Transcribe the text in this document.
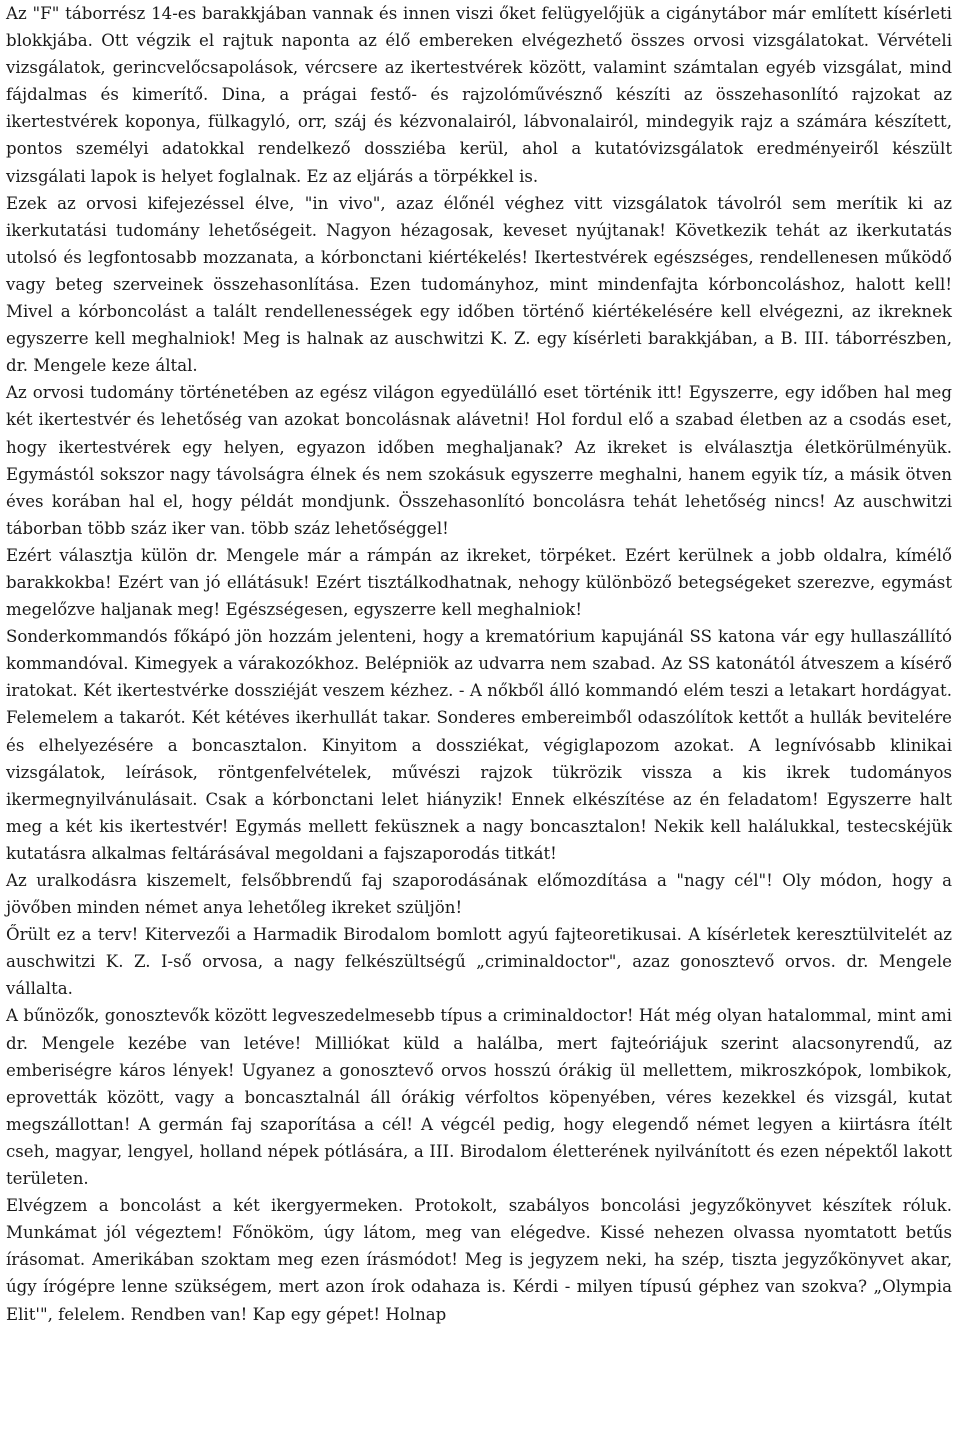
Az "F" táborrész 14-es barakkjában vannak és innen viszi őket felügyelőjük a cigánytábor már említett kísérleti blokkjába. Ott végzik el rajtuk naponta az élő embereken elvégezhető összes orvosi vizsgálatokat. Vérvételi vizsgálatok, gerincvelőcsapolások, vércsere az ikertestvérek között, valamint számtalan egyéb vizsgálat, mind fájdalmas és kimerítő. Dina, a prágai festő- és rajzolóművésznő készíti az összehasonlító rajzokat az ikertestvérek koponya, fülkagyló, orr, száj és kézvonalairól, lábvonalairól, mindegyik rajz a számára készített, pontos személyi adatokkal rendelkező dossziéba kerül, ahol a kutatóvizsgálatok eredményeiről készült vizsgálati lapok is helyet foglalnak. Ez az eljárás a törpékkel is.

Ezek az orvosi kifejezéssel élve, "in vivo", azaz élőnél véghez vitt vizsgálatok távolról sem merítik ki az ikerkutatási tudomány lehetőségeit. Nagyon hézagosak, keveset nyújtanak! Következik tehát az ikerkutatás utolsó és legfontosabb mozzanata, a kórbonctani kiértékelés! Ikertestvérek egészséges, rendellenesen működő vagy beteg szerveinek összehasonlítása. Ezen tudományhoz, mint mindenfajta kórboncoláshoz, halott kell! Mivel a kórboncolást a talált rendellenességek egy időben történő kiértékelésére kell elvégezni, az ikreknek egyszerre kell meghalniok! Meg is halnak az auschwitzi K. Z. egy kísérleti barakkjában, a B. III. táborrészben, dr. Mengele keze által.

Az orvosi tudomány történetében az egész világon egyedülálló eset történik itt! Egyszerre, egy időben hal meg két ikertestvér és lehetőség van azokat boncolásnak alávetni! Hol fordul elő a szabad életben az a csodás eset, hogy ikertestvérek egy helyen, egyazon időben meghaljanak? Az ikreket is elválasztja életkörülményük. Egymástól sokszor nagy távolságra élnek és nem szokásuk egyszerre meghalni, hanem egyik tíz, a másik ötven éves korában hal el, hogy példát mondjunk. Összehasonlító boncolásra tehát lehetőség nincs! Az auschwitzi táborban több száz iker van. több száz lehetőséggel!

Ezért választja külön dr. Mengele már a rámpán az ikreket, törpéket. Ezért kerülnek a jobb oldalra, kímélő barakkokba! Ezért van jó ellátásuk! Ezért tisztálkodhatnak, nehogy különböző betegségeket szerezve, egymást megelőzve haljanak meg! Egészségesen, egyszerre kell meghalniok!

Sonderkommandós főkápó jön hozzám jelenteni, hogy a krematórium kapujánál SS katona vár egy hullaszállító kommandóval. Kimegyek a várakozókhoz. Belépniök az udvarra nem szabad. Az SS katonától átveszem a kísérő iratokat. Két ikertestvérke dossziéját veszem kézhez. - A nőkből álló kommandó elém teszi a letakart hordágyat. Felemelem a takarót. Két kétéves ikerhullát takar. Sonderes embereimből odaszólítok kettőt a hullák bevitelére és elhelyezésére a boncasztalon. Kinyitom a dossziékat, végiglapozom azokat. A legnívósabb klinikai vizsgálatok, leírások, röntgenfelvételek, művészi rajzok tükrözik vissza a kis ikrek tudományos ikermegnyilvánulásait. Csak a kórbonctani lelet hiányzik! Ennek elkészítése az én feladatom! Egyszerre halt meg a két kis ikertestvér! Egymás mellett feküsznek a nagy boncasztalon! Nekik kell halálukkal, testecskéjük kutatásra alkalmas feltárásával megoldani a fajszaporodás titkát!

Az uralkodásra kiszemelt, felsőbbrendű faj szaporodásának előmozdítása a "nagy cél"! Oly módon, hogy a jövőben minden német anya lehetőleg ikreket szüljön!

Őrült ez a terv! Kitervezői a Harmadik Birodalom bomlott agyú fajteoretikusai. A kísérletek keresztülvitelét az auschwitzi K. Z. I-ső orvosa, a nagy felkészültségű „criminaldoctor", azaz gonosztevő orvos. dr. Mengele vállalta.

A bűnözők, gonosztevők között legveszedelmesebb típus a criminaldoctor! Hát még olyan hatalommal, mint ami dr. Mengele kezébe van letéve! Milliókat küld a halálba, mert fajteóriájuk szerint alacsonyrendű, az emberiségre káros lények! Ugyanez a gonosztevő orvos hosszú órákig ül mellettem, mikroszkópok, lombikok, eprovetták között, vagy a boncasztalnál áll órákig vérfoltos köpenyében, véres kezekkel és vizsgál, kutat megszállottan! A germán faj szaporítása a cél! A végcél pedig, hogy elegendő német legyen a kiirtásra ítélt cseh, magyar, lengyel, holland népek pótlására, a III. Birodalom életterének nyilvánított és ezen népektől lakott területen.

Elvégzem a boncolást a két ikergyermeken. Protokolt, szabályos boncolási jegyzőkönyvet készítek róluk. Munkámat jól végeztem! Főnököm, úgy látom, meg van elégedve. Kissé nehezen olvassa nyomtatott betűs írásomat. Amerikában szoktam meg ezen írásmódot! Meg is jegyzem neki, ha szép, tiszta jegyzőkönyvet akar, úgy írógépre lenne szükségem, mert azon írok odahaza is. Kérdi - milyen típusú géphez van szokva? „Olympia Elit'", felelem. Rendben van! Kap egy gépet! Holnap
